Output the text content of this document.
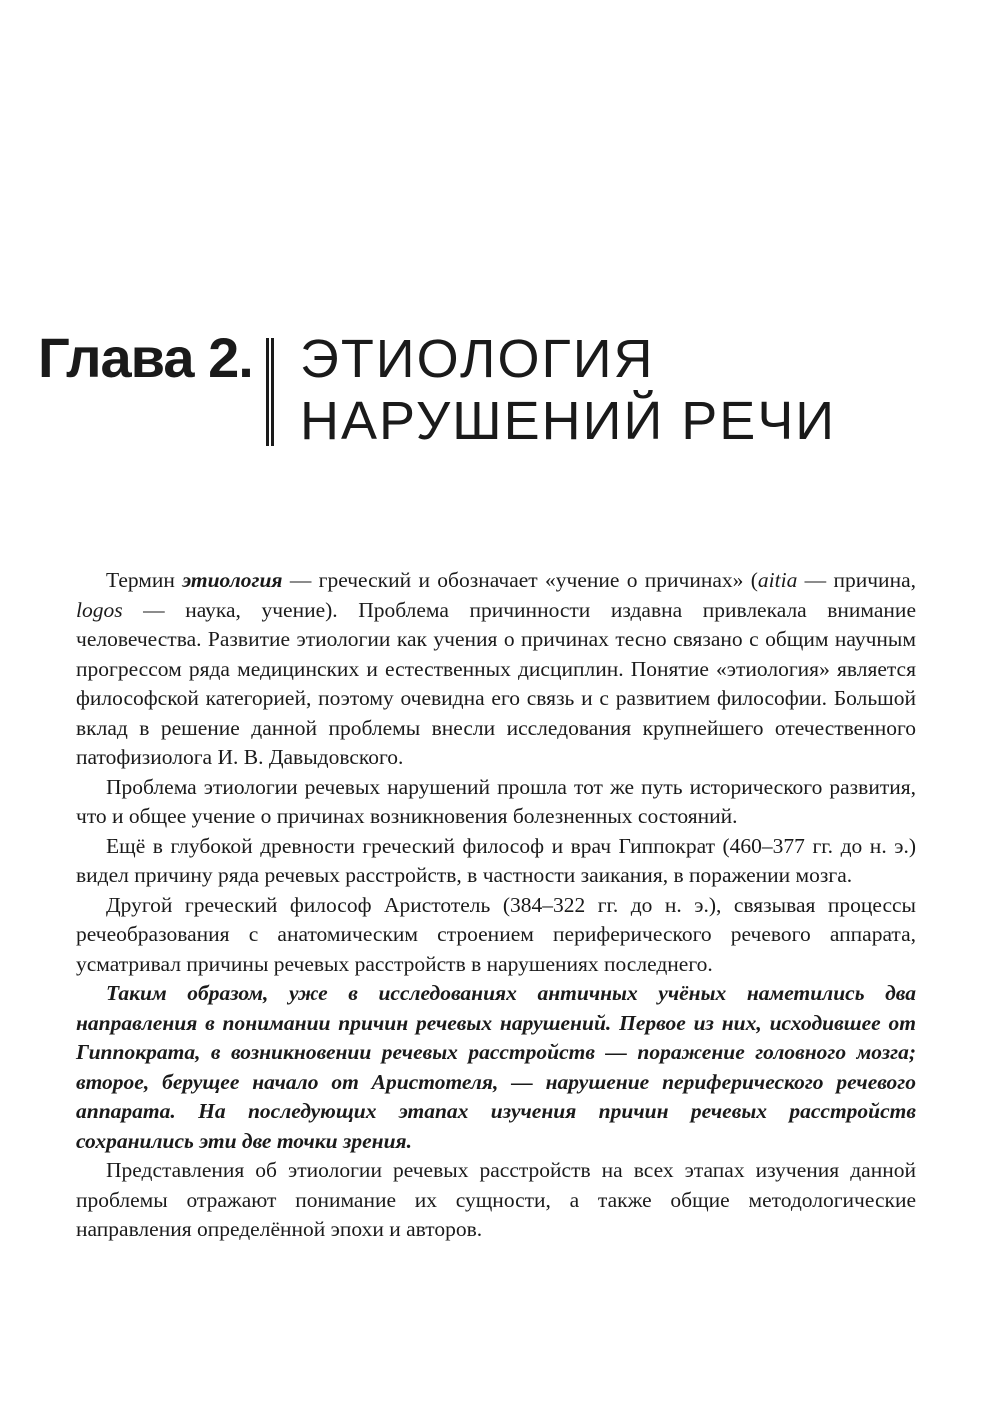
Глава 2. ЭТИОЛОГИЯ
НАРУШЕНИЙ РЕЧИ

Термин этиология — греческий и обозначает «учение о причинах» (aitia — причина, logos — наука, учение). Проблема причинности издавна привлекала внимание человечества. Развитие этиологии как учения о причинах тесно связано с общим научным прогрессом ряда медицинских и естественных дисциплин. Понятие «этиология» является философской категорией, поэтому очевидна его связь и с развитием философии. Большой вклад в решение данной проблемы внесли исследования крупнейшего отечественного патофизиолога И. В. Давыдовского.

Проблема этиологии речевых нарушений прошла тот же путь исторического развития, что и общее учение о причинах возникновения болезненных состояний.

Ещё в глубокой древности греческий философ и врач Гиппократ (460–377 гг. до н. э.) видел причину ряда речевых расстройств, в частности заикания, в поражении мозга.

Другой греческий философ Аристотель (384–322 гг. до н. э.), связывая процессы речеобразования с анатомическим строением периферического речевого аппарата, усматривал причины речевых расстройств в нарушениях последнего.

Таким образом, уже в исследованиях античных учёных наметились два направления в понимании причин речевых нарушений. Первое из них, исходившее от Гиппократа, в возникновении речевых расстройств — поражение головного мозга; второе, берущее начало от Аристотеля, — нарушение периферического речевого аппарата. На последующих этапах изучения причин речевых расстройств сохранились эти две точки зрения.

Представления об этиологии речевых расстройств на всех этапах изучения данной проблемы отражают понимание их сущности, а также общие методологические направления определённой эпохи и авторов.
